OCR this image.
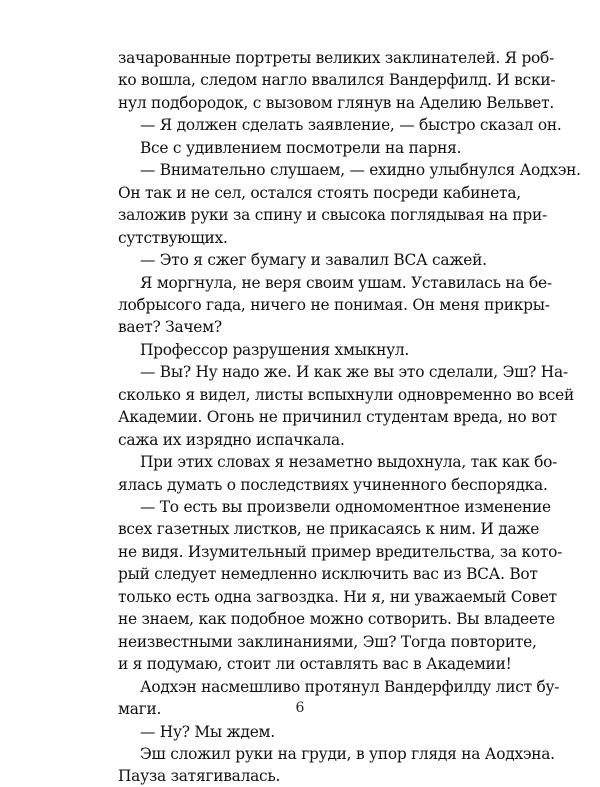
зачарованные портреты великих заклинателей. Я роб-
ко вошла, следом нагло ввалился Вандерфилд. И вски-
нул подбородок, с вызовом глянув на Аделию Вельвет.
— Я должен сделать заявление, — быстро сказал он.
Все с удивлением посмотрели на парня.
— Внимательно слушаем, — ехидно улыбнулся Аодхэн.
Он так и не сел, остался стоять посреди кабинета,
заложив руки за спину и свысока поглядывая на при-
сутствующих.
— Это я сжег бумагу и завалил ВСА сажей.
Я моргнула, не веря своим ушам. Уставилась на бе-
лобрысого гада, ничего не понимая. Он меня прикры-
вает? Зачем?
Профессор разрушения хмыкнул.
— Вы? Ну надо же. И как же вы это сделали, Эш? На-
сколько я видел, листы вспыхнули одновременно во всей
Академии. Огонь не причинил студентам вреда, но вот
сажа их изрядно испачкала.
При этих словах я незаметно выдохнула, так как бо-
ялась думать о последствиях учиненного беспорядка.
— То есть вы произвели одномоментное изменение
всех газетных листков, не прикасаясь к ним. И даже
не видя. Изумительный пример вредительства, за кото-
рый следует немедленно исключить вас из ВСА. Вот
только есть одна загвоздка. Ни я, ни уважаемый Совет
не знаем, как подобное можно сотворить. Вы владеете
неизвестными заклинаниями, Эш? Тогда повторите,
и я подумаю, стоит ли оставлять вас в Академии!
Аодхэн насмешливо протянул Вандерфилду лист бу-
маги.
— Ну? Мы ждем.
Эш сложил руки на груди, в упор глядя на Аодхэна.
Пауза затягивалась.
6
